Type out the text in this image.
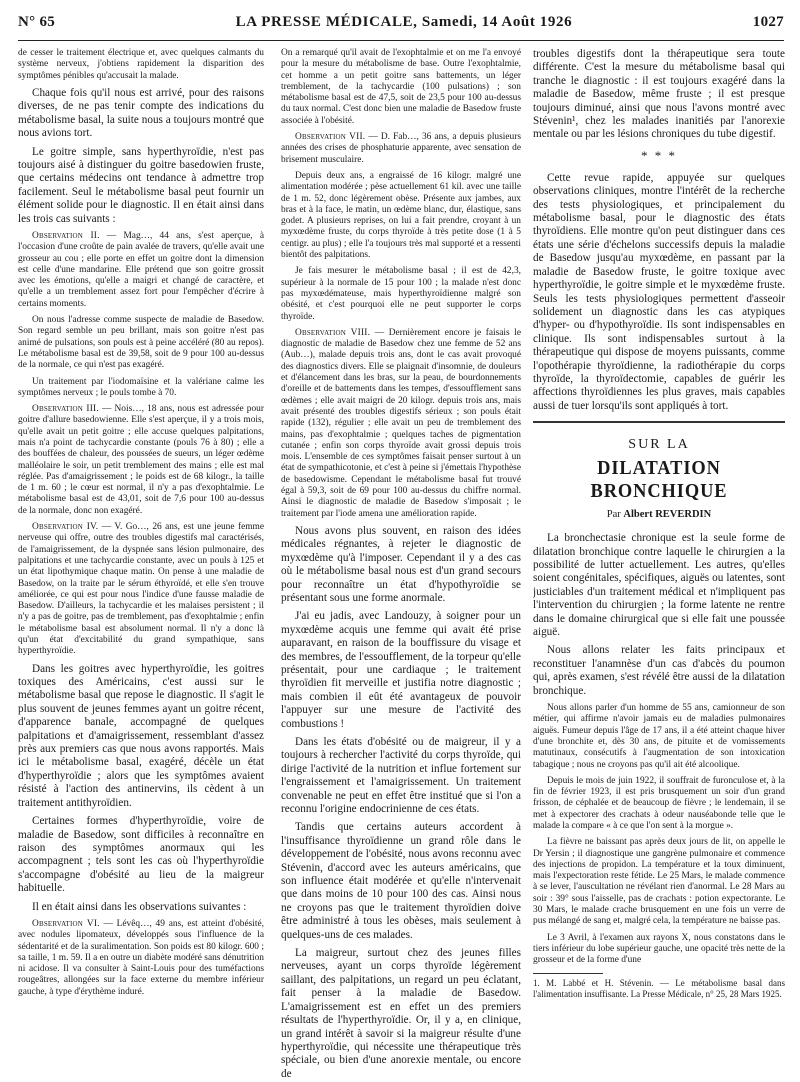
N° 65	LA PRESSE MÉDICALE, Samedi, 14 Août 1926	1027

de cesser le traitement électrique et, avec quelques calmants du système nerveux, j'obtiens rapidement la disparition des symptômes pénibles qu'accusait la malade.

Chaque fois qu'il nous est arrivé, pour des raisons diverses, de ne pas tenir compte des indications du métabolisme basal, la suite nous a toujours montré que nous avions tort.

Le goitre simple, sans hyperthyroïdie, n'est pas toujours aisé à distinguer du goitre basedowien fruste, que certains médecins ont tendance à admettre trop facilement. Seul le métabolisme basal peut fournir un élément solide pour le diagnostic. Il en était ainsi dans les trois cas suivants :

Observation II. — Mag…, 44 ans, s'est aperçue, à l'occasion d'une croûte de pain avalée de travers, qu'elle avait une grosseur au cou ; elle porte en effet un goitre dont la dimension est celle d'une mandarine. Elle prétend que son goitre grossit avec les émotions, qu'elle a maigri et changé de caractère, et qu'elle a un tremblement assez fort pour l'empêcher d'écrire à certains moments.

On nous l'adresse comme suspecte de maladie de Basedow. Son regard semble un peu brillant, mais son goitre n'est pas animé de pulsations, son pouls est à peine accéléré (80 au repos). Le métabolisme basal est de 39,58, soit de 9 pour 100 au-dessus de la normale, ce qui n'est pas exagéré.

Un traitement par l'iodomaïsine et la valériane calme les symptômes nerveux ; le pouls tombe à 70.

Observation III. — Nois…, 18 ans, nous est adressée pour goitre d'allure basedowienne. Elle s'est aperçue, il y a trois mois, qu'elle avait un petit goitre ; elle accuse quelques palpitations, mais n'a point de tachycardie constante (pouls 76 à 80) ; elle a des bouffées de chaleur, des poussées de sueurs, un léger œdème malléolaire le soir, un petit tremblement des mains ; elle est mal réglée. Pas d'amaigrissement ; le poids est de 68 kilogr., la taille de 1 m. 60 ; le cœur est normal, il n'y a pas d'exophtalmie. Le métabolisme basal est de 43,01, soit de 7,6 pour 100 au-dessus de la normale, donc non exagéré.

Observation IV. — V. Go…, 26 ans, est une jeune femme nerveuse qui offre, outre des troubles digestifs mal caractérisés, de l'amaigrissement, de la dyspnée sans lésion pulmonaire, des palpitations et une tachycardie constante, avec un pouls à 125 et un état lipothymique chaque matin. On pense à une maladie de Basedow, on la traite par le sérum éthyroïdé, et elle s'en trouve améliorée, ce qui est pour nous l'indice d'une fausse maladie de Basedow. D'ailleurs, la tachycardie et les malaises persistent ; il n'y a pas de goitre, pas de tremblement, pas d'exophtalmie ; enfin le métabolisme basal est absolument normal. Il n'y a donc là qu'un état d'excitabilité du grand sympathique, sans hyperthyroïdie.

Dans les goitres avec hyperthyroïdie, les goitres toxiques des Américains, c'est aussi sur le métabolisme basal que repose le diagnostic. Il s'agit le plus souvent de jeunes femmes ayant un goitre récent, d'apparence banale, accompagné de quelques palpitations et d'amaigrissement, ressemblant d'assez près aux premiers cas que nous avons rapportés. Mais ici le métabolisme basal, exagéré, décèle un état d'hyperthyroïdie ; alors que les symptômes avaient résisté à l'action des antinervins, ils cèdent à un traitement antithyroïdien.

Certaines formes d'hyperthyroïdie, voire de maladie de Basedow, sont difficiles à reconnaître en raison des symptômes anormaux qui les accompagnent ; tels sont les cas où l'hyperthyroïdie s'accompagne d'obésité au lieu de la maigreur habituelle.

Il en était ainsi dans les observations suivantes :

Observation VI. — Lévêq…, 49 ans, est atteint d'obésité, avec nodules lipomateux, développés sous l'influence de la sédentarité et de la suralimentation. Son poids est 80 kilogr. 600 ; sa taille, 1 m. 59. Il a en outre un diabète modéré sans dénutrition ni acidose. Il va consulter à Saint-Louis pour des tuméfactions rougeâtres, allongées sur la face externe du membre inférieur gauche, à type d'érythème induré.

On a remarqué qu'il avait de l'exophtalmie et on me l'a envoyé pour la mesure du métabolisme de base. Outre l'exophtalmie, cet homme a un petit goitre sans battements, un léger tremblement, de la tachycardie (100 pulsations) ; son métabolisme basal est de 47,5, soit de 23,5 pour 100 au-dessus du taux normal. C'est donc bien une maladie de Basedow fruste associée à l'obésité.

Observation VII. — D. Fab…, 36 ans, a depuis plusieurs années des crises de phosphaturie apparente, avec sensation de brisement musculaire.

Depuis deux ans, a engraissé de 16 kilogr. malgré une alimentation modérée ; pèse actuellement 61 kil. avec une taille de 1 m. 52, donc légèrement obèse. Présente aux jambes, aux bras et à la face, le matin, un œdème blanc, dur, élastique, sans godet. A plusieurs reprises, on lui a fait prendre, croyant à un myxœdème fruste, du corps thyroïde à très petite dose (1 à 5 centigr. au plus) ; elle l'a toujours très mal supporté et a ressenti bientôt des palpitations.

Je fais mesurer le métabolisme basal ; il est de 42,3, supérieur à la normale de 15 pour 100 ; la malade n'est donc pas myxœdémateuse, mais hyperthyroïdienne malgré son obésité, et c'est pourquoi elle ne peut supporter le corps thyroïde.

Observation VIII. — Dernièrement encore je faisais le diagnostic de maladie de Basedow chez une femme de 52 ans (Aub…), malade depuis trois ans, dont le cas avait provoqué des diagnostics divers. Elle se plaignait d'insomnie, de douleurs et d'élancement dans les bras, sur la peau, de bourdonnements d'oreille et de battements dans les tempes, d'essoufflement sans œdèmes ; elle avait maigri de 20 kilogr. depuis trois ans, mais avait présenté des troubles digestifs sérieux ; son pouls était rapide (132), régulier ; elle avait un peu de tremblement des mains, pas d'exophtalmie ; quelques taches de pigmentation cutanée ; enfin son corps thyroïde avait grossi depuis trois mois. L'ensemble de ces symptômes faisait penser surtout à un état de sympathicotonie, et c'est à peine si j'émettais l'hypothèse de basedowisme. Cependant le métabolisme basal fut trouvé égal à 59,3, soit de 69 pour 100 au-dessus du chiffre normal. Ainsi le diagnostic de maladie de Basedow s'imposait ; le traitement par l'iode amena une amélioration rapide.

Nous avons plus souvent, en raison des idées médicales régnantes, à rejeter le diagnostic de myxœdème qu'à l'imposer. Cependant il y a des cas où le métabolisme basal nous est d'un grand secours pour reconnaître un état d'hypothyroïdie se présentant sous une forme anormale.

J'ai eu jadis, avec Landouzy, à soigner pour un myxœdème acquis une femme qui avait été prise auparavant, en raison de la bouffissure du visage et des membres, de l'essoufflement, de la torpeur qu'elle présentait, pour une cardiaque ; le traitement thyroïdien fit merveille et justifia notre diagnostic ; mais combien il eût été avantageux de pouvoir l'appuyer sur une mesure de l'activité des combustions !

Dans les états d'obésité ou de maigreur, il y a toujours à rechercher l'activité du corps thyroïde, qui dirige l'activité de la nutrition et influe fortement sur l'engraissement et l'amaigrissement. Un traitement convenable ne peut en effet être institué que si l'on a reconnu l'origine endocrinienne de ces états.

Tandis que certains auteurs accordent à l'insuffisance thyroïdienne un grand rôle dans le développement de l'obésité, nous avons reconnu avec Stévenin, d'accord avec les auteurs américains, que son influence était modérée et qu'elle n'intervenait que dans moins de 10 pour 100 des cas. Ainsi nous ne croyons pas que le traitement thyroïdien doive être administré à tous les obèses, mais seulement à quelques-uns de ces malades.

La maigreur, surtout chez des jeunes filles nerveuses, ayant un corps thyroïde légèrement saillant, des palpitations, un regard un peu éclatant, fait penser à la maladie de Basedow. L'amaigrissement est en effet un des premiers résultats de l'hyperthyroïdie. Or, il y a, en clinique, un grand intérêt à savoir si la maigreur résulte d'une hyperthyroïdie, qui nécessite une thérapeutique très spéciale, ou bien d'une anorexie mentale, ou encore de

troubles digestifs dont la thérapeutique sera toute différente. C'est la mesure du métabolisme basal qui tranche le diagnostic : il est toujours exagéré dans la maladie de Basedow, même fruste ; il est presque toujours diminué, ainsi que nous l'avons montré avec Stévenin¹, chez les malades inanitiés par l'anorexie mentale ou par les lésions chroniques du tube digestif.

* * *

Cette revue rapide, appuyée sur quelques observations cliniques, montre l'intérêt de la recherche des tests physiologiques, et principalement du métabolisme basal, pour le diagnostic des états thyroïdiens. Elle montre qu'on peut distinguer dans ces états une série d'échelons successifs depuis la maladie de Basedow jusqu'au myxœdème, en passant par la maladie de Basedow fruste, le goitre toxique avec hyperthyroïdie, le goitre simple et le myxœdème fruste. Seuls les tests physiologiques permettent d'asseoir solidement un diagnostic dans les cas atypiques d'hyper- ou d'hypothyroïdie. Ils sont indispensables en clinique. Ils sont indispensables surtout à la thérapeutique qui dispose de moyens puissants, comme l'opothérapie thyroïdienne, la radiothérapie du corps thyroïde, la thyroïdectomie, capables de guérir les affections thyroïdiennes les plus graves, mais capables aussi de tuer lorsqu'ils sont appliqués à tort.

SUR LA
DILATATION BRONCHIQUE
Par Albert REVERDIN

La bronchectasie chronique est la seule forme de dilatation bronchique contre laquelle le chirurgien a la possibilité de lutter actuellement. Les autres, qu'elles soient congénitales, spécifiques, aiguës ou latentes, sont justiciables d'un traitement médical et n'impliquent pas l'intervention du chirurgien ; la forme latente ne rentre dans le domaine chirurgical que si elle fait une poussée aiguë.

Nous allons relater les faits principaux et reconstituer l'anamnèse d'un cas d'abcès du poumon qui, après examen, s'est révélé être aussi de la dilatation bronchique.

Nous allons parler d'un homme de 55 ans, camionneur de son métier, qui affirme n'avoir jamais eu de maladies pulmonaires aiguës. Fumeur depuis l'âge de 17 ans, il a été atteint chaque hiver d'une bronchite et, dès 30 ans, de pituite et de vomissements matutinaux, consécutifs à l'augmentation de son intoxication tabagique ; nous ne croyons pas qu'il ait été alcoolique.

Depuis le mois de juin 1922, il souffrait de furonculose et, à la fin de février 1923, il est pris brusquement un soir d'un grand frisson, de céphalée et de beaucoup de fièvre ; le lendemain, il se met à expectorer des crachats à odeur nauséabonde telle que le malade la compare « à ce que l'on sent à la morgue ».

La fièvre ne baissant pas après deux jours de lit, on appelle le Dr Yersin ; il diagnostique une gangrène pulmonaire et commence des injections de propidon. La température et la toux diminuent, mais l'expectoration reste fétide. Le 25 Mars, le malade commence à se lever, l'auscultation ne révélant rien d'anormal. Le 28 Mars au soir : 39° sous l'aisselle, pas de crachats : potion expectorante. Le 30 Mars, le malade crache brusquement en une fois un verre de pus mélangé de sang et, malgré cela, la température ne baisse pas.

Le 3 Avril, à l'examen aux rayons X, nous constatons dans le tiers inférieur du lobe supérieur gauche, une opacité très nette de la grosseur et de la forme d'une

1. M. Labbé et H. Stévenin. — Le métabolisme basal dans l'alimentation insuffisante. La Presse Médicale, n° 25, 28 Mars 1925.
